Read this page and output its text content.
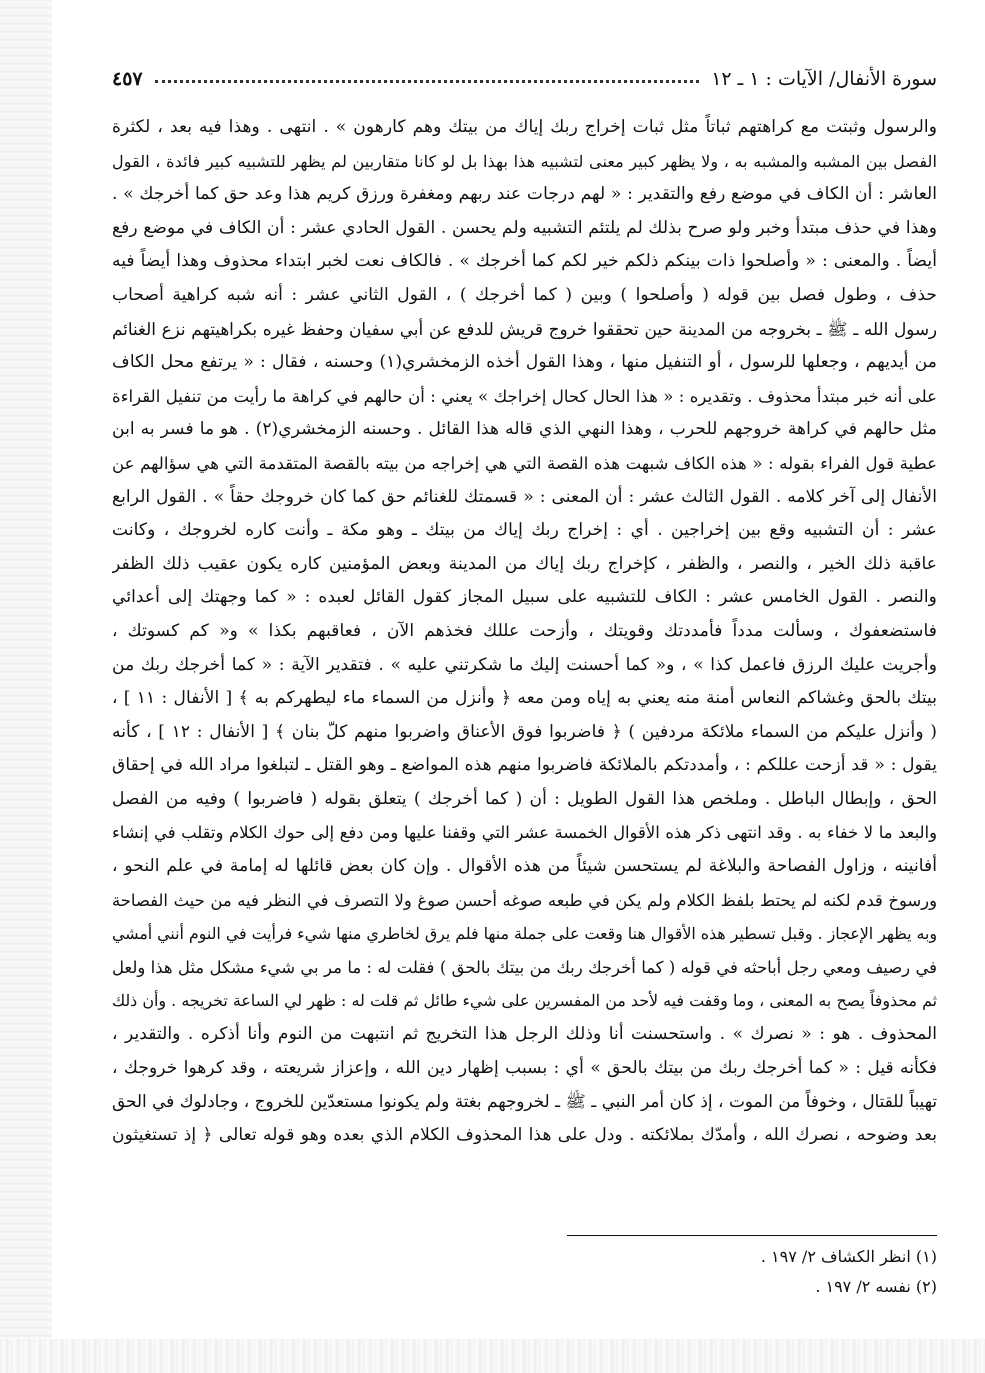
سورة الأنفال/ الآيات : ١ ـ ١٢
٤٥٧
والرسول وثبتت مع كراهتهم ثباتاً مثل ثبات إخراج ربك إياك من بيتك وهم كارهون » . انتهى . وهذا فيه بعد ، لكثرة
الفصل بين المشبه والمشبه به ، ولا يظهر كبير معنى لتشبيه هذا بهذا بل لو كانا متقاربين لم يظهر للتشبيه كبير فائدة ، القول
العاشر : أن الكاف في موضع رفع والتقدير : « لهم درجات عند ربهم ومغفرة ورزق كريم هذا وعد حق كما أخرجك » .
وهذا في حذف مبتدأ وخبر ولو صرح بذلك لم يلتئم التشبيه ولم يحسن . القول الحادي عشر : أن الكاف في موضع رفع
أيضاً . والمعنى : « وأصلحوا ذات بينكم ذلكم خير لكم كما أخرجك » . فالكاف نعت لخبر ابتداء محذوف وهذا أيضاً فيه
حذف ، وطول فصل بين قوله ( وأصلحوا ) وبين ( كما أخرجك ) ، القول الثاني عشر : أنه شبه كراهية أصحاب
رسول الله ـ ﷺ ـ بخروجه من المدينة حين تحققوا خروج قريش للدفع عن أبي سفيان وحفظ غيره بكراهيتهم نزع الغنائم
من أيديهم ، وجعلها للرسول ، أو التنفيل منها ، وهذا القول أخذه الزمخشري(١) وحسنه ، فقال : « يرتفع محل الكاف
على أنه خبر مبتدأ محذوف . وتقديره : « هذا الحال كحال إخراجك » يعني : أن حالهم في كراهة ما رأيت من تنفيل القراءة
مثل حالهم في كراهة خروجهم للحرب ، وهذا النهي الذي قاله هذا القائل . وحسنه الزمخشري(٢) . هو ما فسر به ابن
عطية قول الفراء بقوله : « هذه الكاف شبهت هذه القصة التي هي إخراجه من بيته بالقصة المتقدمة التي هي سؤالهم عن
الأنفال إلى آخر كلامه . القول الثالث عشر : أن المعنى : « قسمتك للغنائم حق كما كان خروجك حقاً » . القول الرابع
عشر : أن التشبيه وقع بين إخراجين . أي : إخراج ربك إياك من بيتك ـ وهو مكة ـ وأنت كاره لخروجك ، وكانت
عاقبة ذلك الخير ، والنصر ، والظفر ، كإخراج ربك إياك من المدينة وبعض المؤمنين كاره يكون عقيب ذلك الظفر
والنصر . القول الخامس عشر : الكاف للتشبيه على سبيل المجاز كقول القائل لعبده : « كما وجهتك إلى أعدائي
فاستضعفوك ، وسألت مدداً فأمددتك وقويتك ، وأزحت عللك فخذهم الآن ، فعاقبهم بكذا » و« كم كسوتك ،
وأجريت عليك الرزق فاعمل كذا » ، و« كما أحسنت إليك ما شكرتني عليه » . فتقدير الآية : « كما أخرجك ربك من
بيتك بالحق وغشاكم النعاس أمنة منه يعني به إياه ومن معه ﴿ وأنزل من السماء ماء ليطهركم به ﴾ [ الأنفال : ١١ ] ،
( وأنزل عليكم من السماء ملائكة مردفين ) ﴿ فاضربوا فوق الأعناق واضربوا منهم كلّ بنان ﴾ [ الأنفال : ١٢ ] ، كأنه
يقول : « قد أزحت عللكم : ، وأمددتكم بالملائكة فاضربوا منهم هذه المواضع ـ وهو القتل ـ لتبلغوا مراد الله في إحقاق
الحق ، وإبطال الباطل . وملخص هذا القول الطويل : أن ( كما أخرجك ) يتعلق بقوله ( فاضربوا ) وفيه من الفصل
والبعد ما لا خفاء به . وقد انتهى ذكر هذه الأقوال الخمسة عشر التي وقفنا عليها ومن دفع إلى حوك الكلام وتقلب في إنشاء
أفانينه ، وزاول الفصاحة والبلاغة لم يستحسن شيئاً من هذه الأقوال . وإن كان بعض قائلها له إمامة في علم النحو ،
ورسوخ قدم لكنه لم يحتط بلفظ الكلام ولم يكن في طبعه صوغه أحسن صوغ ولا التصرف في النظر فيه من حيث الفصاحة
وبه يظهر الإعجاز . وقبل تسطير هذه الأقوال هنا وقعت على جملة منها فلم يرق لخاطري منها شيء فرأيت في النوم أنني أمشي
في رصيف ومعي رجل أباحثه في قوله ( كما أخرجك ربك من بيتك بالحق ) فقلت له : ما مر بي شيء مشكل مثل هذا ولعل
ثم محذوفاً يصح به المعنى ، وما وقفت فيه لأحد من المفسرين على شيء طائل ثم قلت له : ظهر لي الساعة تخريجه . وأن ذلك
المحذوف . هو : « نصرك » . واستحسنت أنا وذلك الرجل هذا التخريج ثم انتبهت من النوم وأنا أذكره . والتقدير ،
فكأنه قيل : « كما أخرجك ربك من بيتك بالحق » أي : بسبب إظهار دين الله ، وإعزاز شريعته ، وقد كرهوا خروجك ،
تهيباً للقتال ، وخوفاً من الموت ، إذ كان أمر النبي ـ ﷺ ـ لخروجهم بغتة ولم يكونوا مستعدّين للخروج ، وجادلوك في الحق
بعد وضوحه ، نصرك الله ، وأمدّك بملائكته . ودل على هذا المحذوف الكلام الذي بعده وهو قوله تعالى ﴿ إذ تستغيثون
(١) انظر الكشاف ٢/ ١٩٧ .
(٢) نفسه ٢/ ١٩٧ .
